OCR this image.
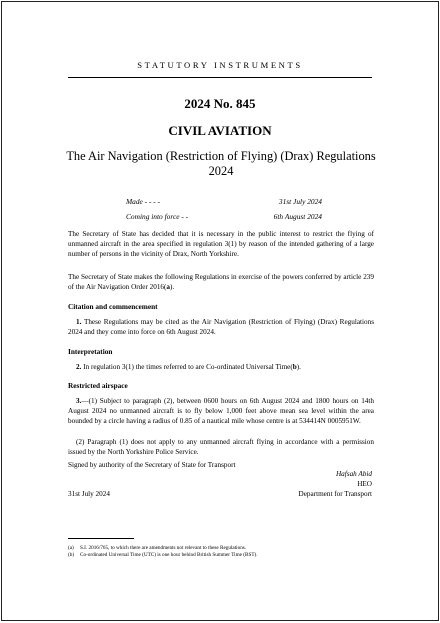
STATUTORY INSTRUMENTS
2024 No. 845
CIVIL AVIATION
The Air Navigation (Restriction of Flying) (Drax) Regulations 2024
Made - - - -	31st July 2024
Coming into force - -	6th August 2024
The Secretary of State has decided that it is necessary in the public interest to restrict the flying of unmanned aircraft in the area specified in regulation 3(1) by reason of the intended gathering of a large number of persons in the vicinity of Drax, North Yorkshire.
The Secretary of State makes the following Regulations in exercise of the powers conferred by article 239 of the Air Navigation Order 2016(a).
Citation and commencement
1. These Regulations may be cited as the Air Navigation (Restriction of Flying) (Drax) Regulations 2024 and they come into force on 6th August 2024.
Interpretation
2. In regulation 3(1) the times referred to are Co-ordinated Universal Time(b).
Restricted airspace
3.—(1) Subject to paragraph (2), between 0600 hours on 6th August 2024 and 1800 hours on 14th August 2024 no unmanned aircraft is to fly below 1,000 feet above mean sea level within the area bounded by a circle having a radius of 0.85 of a nautical mile whose centre is at 534414N 0005951W.
(2) Paragraph (1) does not apply to any unmanned aircraft flying in accordance with a permission issued by the North Yorkshire Police Service.
Signed by authority of the Secretary of State for Transport
Hafsah Abid
HEO
31st July 2024	Department for Transport
(a) S.I. 2016/765, to which there are amendments not relevant to these Regulations.
(b) Co-ordinated Universal Time (UTC) is one hour behind British Summer Time (BST).
